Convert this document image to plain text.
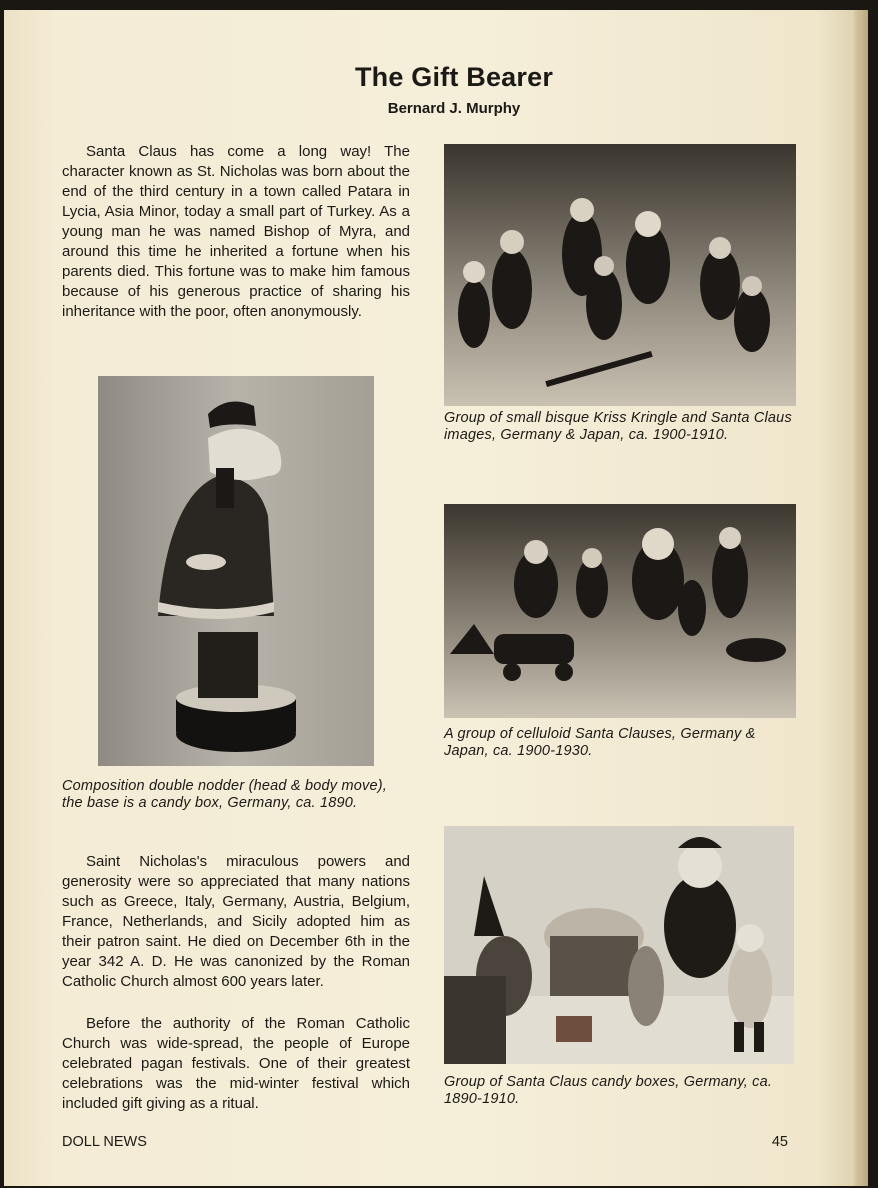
The Gift Bearer

Bernard J. Murphy

Santa Claus has come a long way! The character known as St. Nicholas was born about the end of the third century in a town called Patara in Lycia, Asia Minor, today a small part of Turkey. As a young man he was named Bishop of Myra, and around this time he inherited a fortune when his parents died. This fortune was to make him famous because of his generous practice of sharing his inheritance with the poor, often anonymously.

Group of small bisque Kriss Kringle and Santa Claus images, Germany & Japan, ca. 1900-1910.

A group of celluloid Santa Clauses, Germany & Japan, ca. 1900-1930.

Composition double nodder (head & body move), the base is a candy box, Germany, ca. 1890.

Saint Nicholas's miraculous powers and generosity were so appreciated that many nations such as Greece, Italy, Germany, Austria, Belgium, France, Netherlands, and Sicily adopted him as their patron saint. He died on December 6th in the year 342 A. D. He was canonized by the Roman Catholic Church almost 600 years later.

Before the authority of the Roman Catholic Church was wide-spread, the people of Europe celebrated pagan festivals. One of their greatest celebrations was the mid-winter festival which included gift giving as a ritual.

Group of Santa Claus candy boxes, Germany, ca. 1890-1910.

DOLL NEWS	45
